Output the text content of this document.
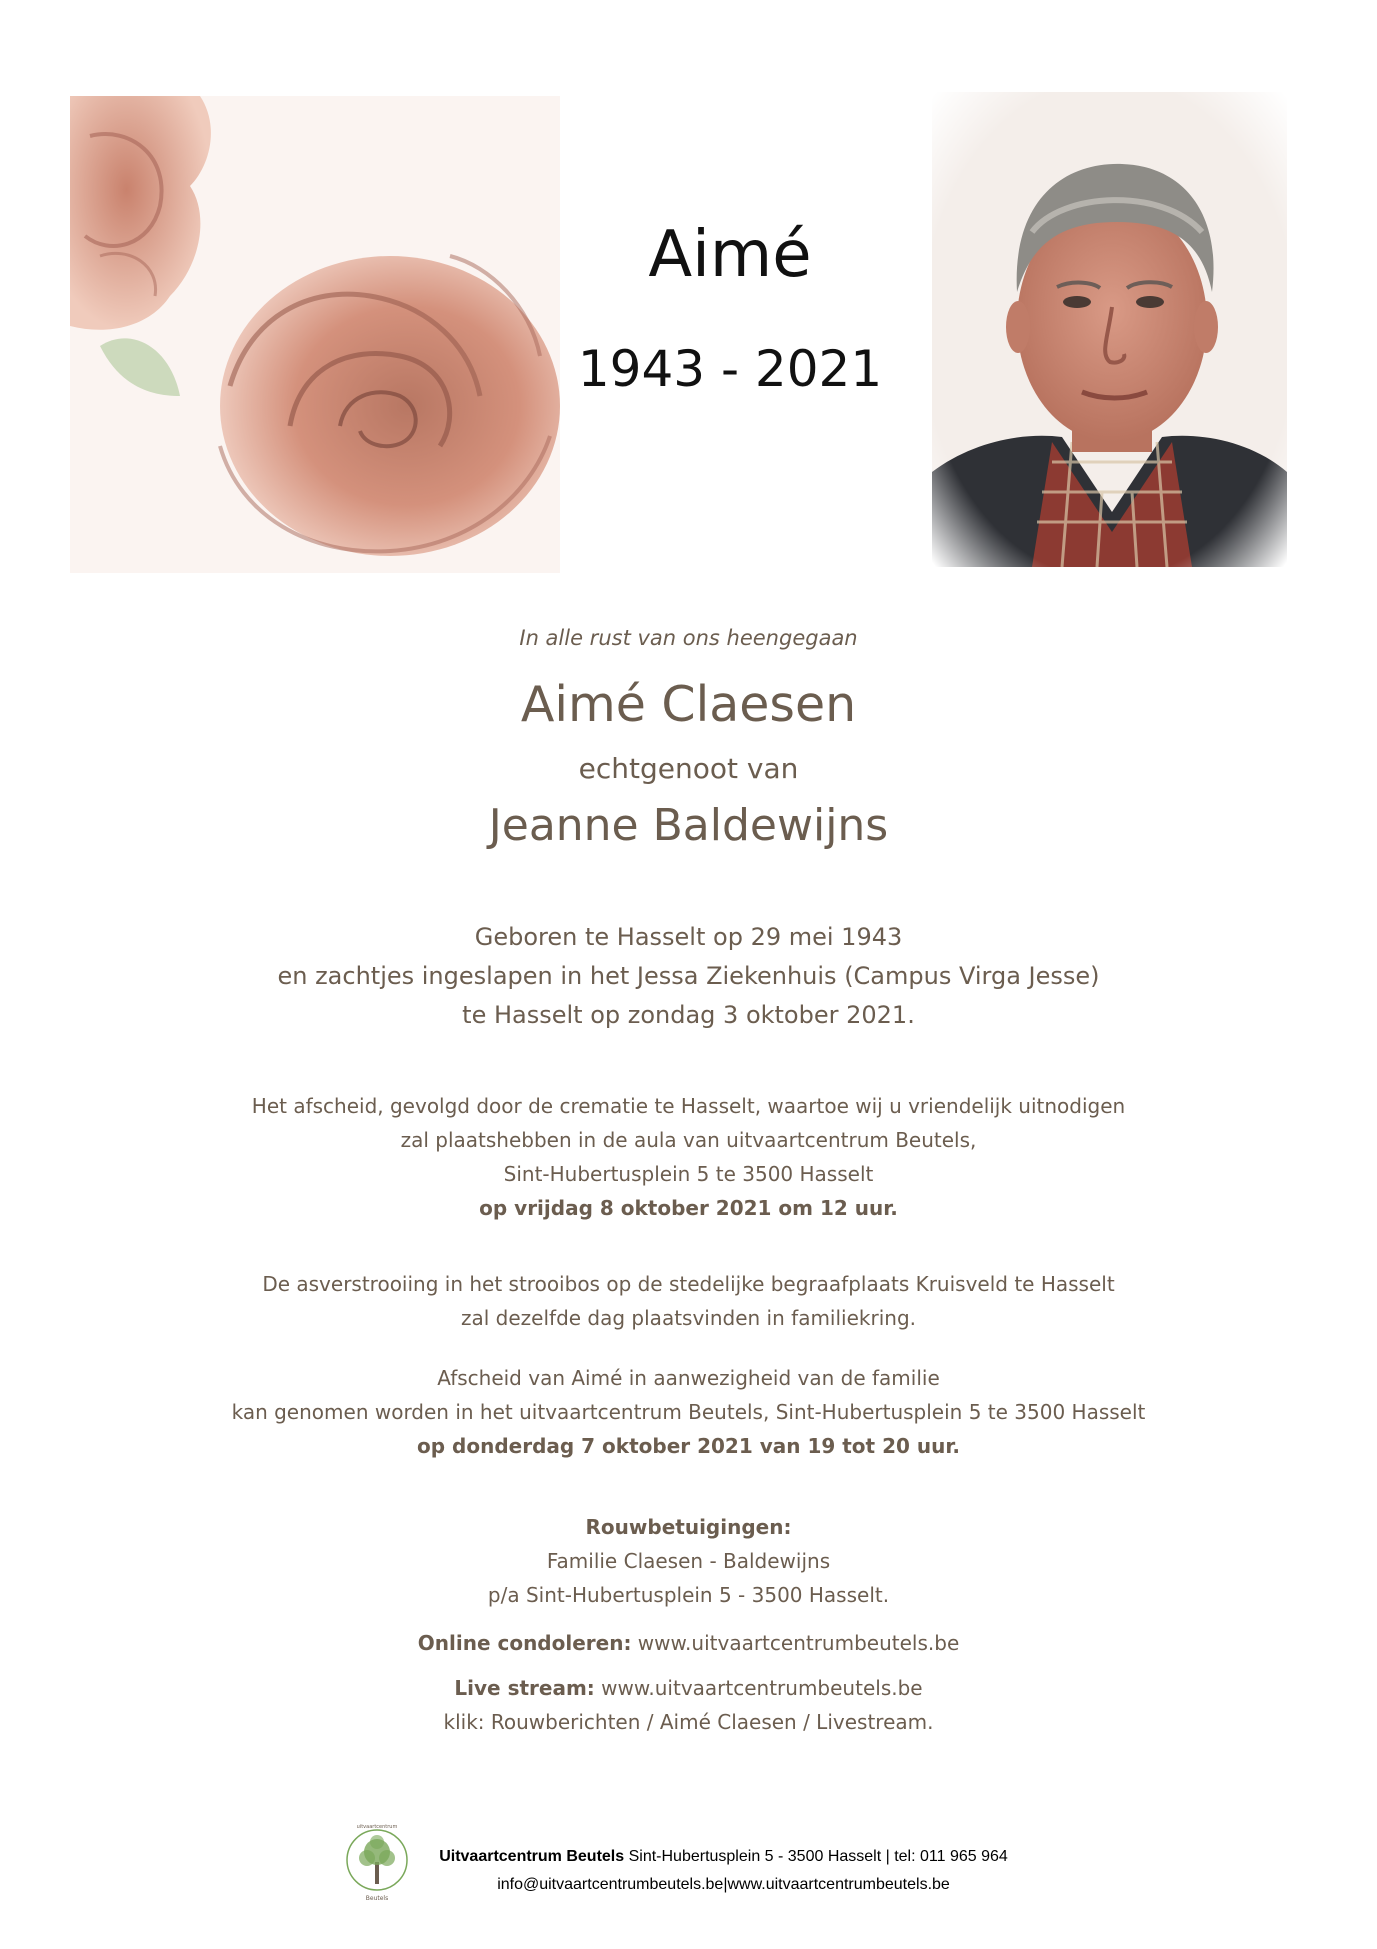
Aimé
1943 - 2021
In alle rust van ons heengegaan
Aimé Claesen
echtgenoot van
Jeanne Baldewijns
Geboren te Hasselt op 29 mei 1943
en zachtjes ingeslapen in het Jessa Ziekenhuis (Campus Virga Jesse)
te Hasselt op zondag 3 oktober 2021.
Het afscheid, gevolgd door de crematie te Hasselt, waartoe wij u vriendelijk uitnodigen
zal plaatshebben in de aula van uitvaartcentrum Beutels,
Sint-Hubertusplein 5 te 3500 Hasselt
op vrijdag 8 oktober 2021 om 12 uur.
De asverstrooiing in het strooibos op de stedelijke begraafplaats Kruisveld te Hasselt
zal dezelfde dag plaatsvinden in familiekring.
Afscheid van Aimé in aanwezigheid van de familie
kan genomen worden in het uitvaartcentrum Beutels, Sint-Hubertusplein 5 te 3500 Hasselt
op donderdag 7 oktober 2021 van 19 tot 20 uur.
Rouwbetuigingen:
Familie Claesen - Baldewijns
p/a Sint-Hubertusplein 5 - 3500 Hasselt.
Online condoleren: www.uitvaartcentrumbeutels.be
Live stream: www.uitvaartcentrumbeutels.be
klik: Rouwberichten / Aimé Claesen / Livestream.
uitvaartcentrum
Beutels
Uitvaartcentrum Beutels Sint-Hubertusplein 5 - 3500 Hasselt | tel: 011 965 964
info@uitvaartcentrumbeutels.be|www.uitvaartcentrumbeutels.be
